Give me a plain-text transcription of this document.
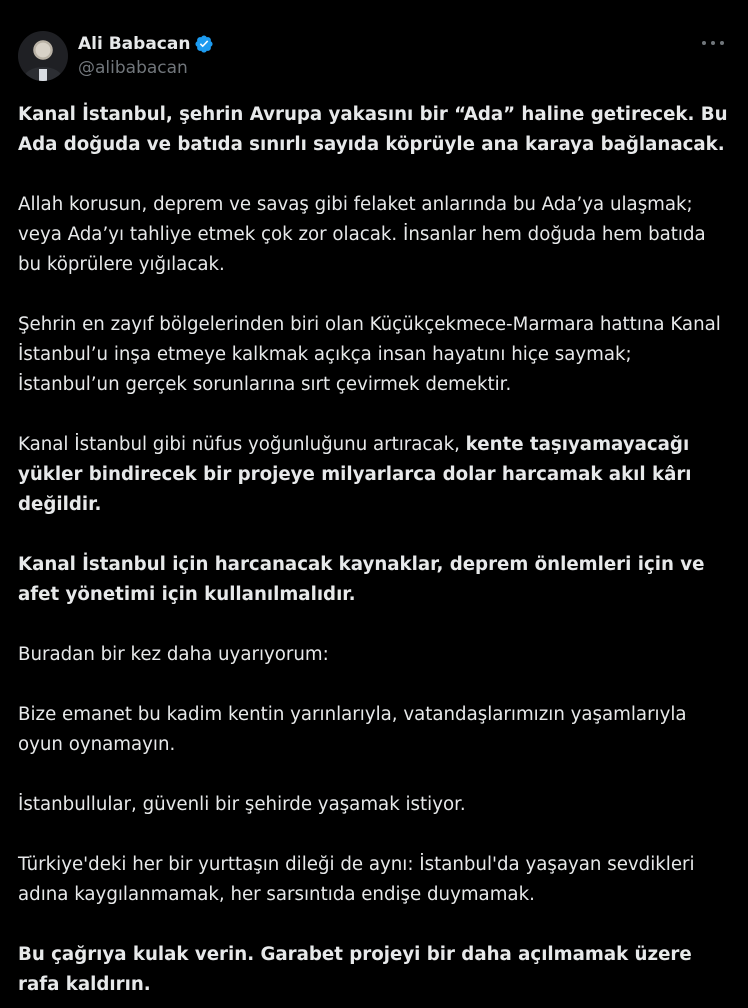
Ali Babacan
@alibabacan

Kanal İstanbul, şehrin Avrupa yakasını bir “Ada” haline getirecek. Bu Ada doğuda ve batıda sınırlı sayıda köprüyle ana karaya bağlanacak.

Allah korusun, deprem ve savaş gibi felaket anlarında bu Ada’ya ulaşmak; veya Ada’yı tahliye etmek çok zor olacak. İnsanlar hem doğuda hem batıda bu köprülere yığılacak.

Şehrin en zayıf bölgelerinden biri olan Küçükçekmece-Marmara hattına Kanal İstanbul’u inşa etmeye kalkmak açıkça insan hayatını hiçe saymak; İstanbul’un gerçek sorunlarına sırt çevirmek demektir.

Kanal İstanbul gibi nüfus yoğunluğunu artıracak, kente taşıyamayacağı yükler bindirecek bir projeye milyarlarca dolar harcamak akıl kârı değildir.

Kanal İstanbul için harcanacak kaynaklar, deprem önlemleri için ve afet yönetimi için kullanılmalıdır.

Buradan bir kez daha uyarıyorum:

Bize emanet bu kadim kentin yarınlarıyla, vatandaşlarımızın yaşamlarıyla oyun oynamayın.

İstanbullular, güvenli bir şehirde yaşamak istiyor.

Türkiye'deki her bir yurttaşın dileği de aynı: İstanbul'da yaşayan sevdikleri adına kaygılanmamak, her sarsıntıda endişe duymamak.

Bu çağrıya kulak verin. Garabet projeyi bir daha açılmamak üzere rafa kaldırın.
